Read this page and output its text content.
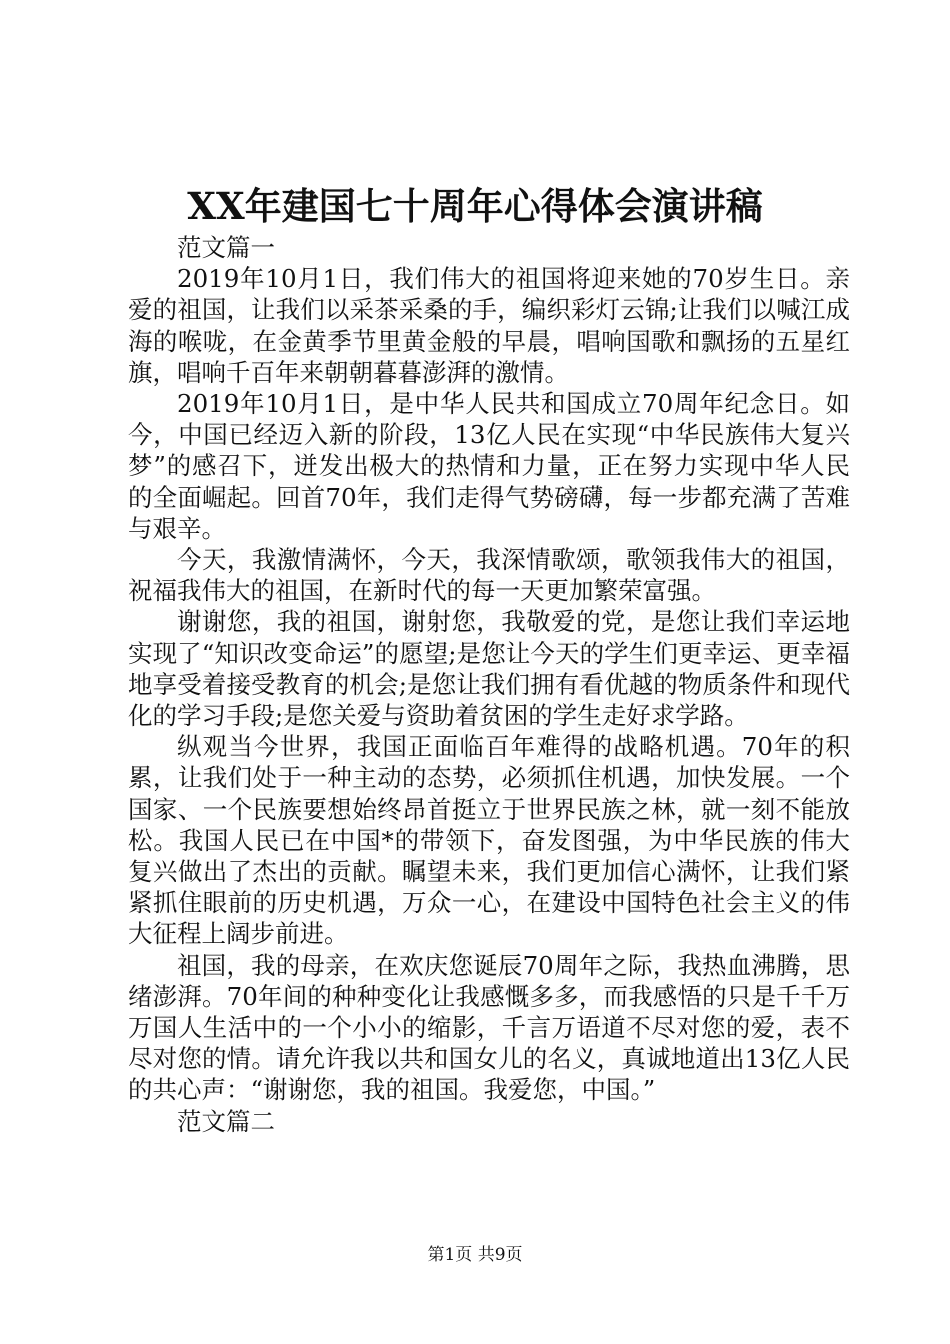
XX年建国七十周年心得体会演讲稿

范文篇一

2019年10月1日，我们伟大的祖国将迎来她的70岁生日。亲爱的祖国，让我们以采茶采桑的手，编织彩灯云锦;让我们以喊江成海的喉咙，在金黄季节里黄金般的早晨，唱响国歌和飘扬的五星红旗，唱响千百年来朝朝暮暮澎湃的激情。

2019年10月1日，是中华人民共和国成立70周年纪念日。如今，中国已经迈入新的阶段，13亿人民在实现“中华民族伟大复兴梦”的感召下，迸发出极大的热情和力量，正在努力实现中华人民的全面崛起。回首70年，我们走得气势磅礴，每一步都充满了苦难与艰辛。

今天，我激情满怀，今天，我深情歌颂，歌领我伟大的祖国，祝福我伟大的祖国，在新时代的每一天更加繁荣富强。

谢谢您，我的祖国，谢射您，我敬爱的党，是您让我们幸运地实现了“知识改变命运”的愿望;是您让今天的学生们更幸运、更幸福地享受着接受教育的机会;是您让我们拥有看优越的物质条件和现代化的学习手段;是您关爱与资助着贫困的学生走好求学路。

纵观当今世界，我国正面临百年难得的战略机遇。70年的积累，让我们处于一种主动的态势，必须抓住机遇，加快发展。一个国家、一个民族要想始终昂首挺立于世界民族之林，就一刻不能放松。我国人民已在中国*的带领下，奋发图强，为中华民族的伟大复兴做出了杰出的贡献。瞩望未来，我们更加信心满怀，让我们紧紧抓住眼前的历史机遇，万众一心，在建设中国特色社会主义的伟大征程上阔步前进。

祖国，我的母亲，在欢庆您诞辰70周年之际，我热血沸腾，思绪澎湃。70年间的种种变化让我感慨多多，而我感悟的只是千千万万国人生活中的一个小小的缩影，千言万语道不尽对您的爱，表不尽对您的情。请允许我以共和国女儿的名义，真诚地道出13亿人民的共心声：“谢谢您，我的祖国。我爱您，中国。”

范文篇二

第1页 共9页
